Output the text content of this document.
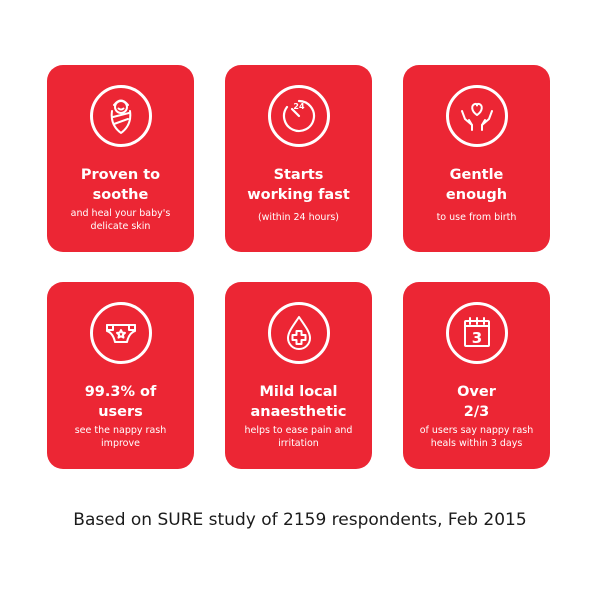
Proven to
soothe
and heal your baby's
delicate skin
24
Starts
working fast
(within 24 hours)
Gentle
enough
to use from birth
99.3% of
users
see the nappy rash
improve
Mild local
anaesthetic
helps to ease pain and
irritation
3
Over
2/3
of users say nappy rash
heals within 3 days
Based on SURE study of 2159 respondents, Feb 2015
